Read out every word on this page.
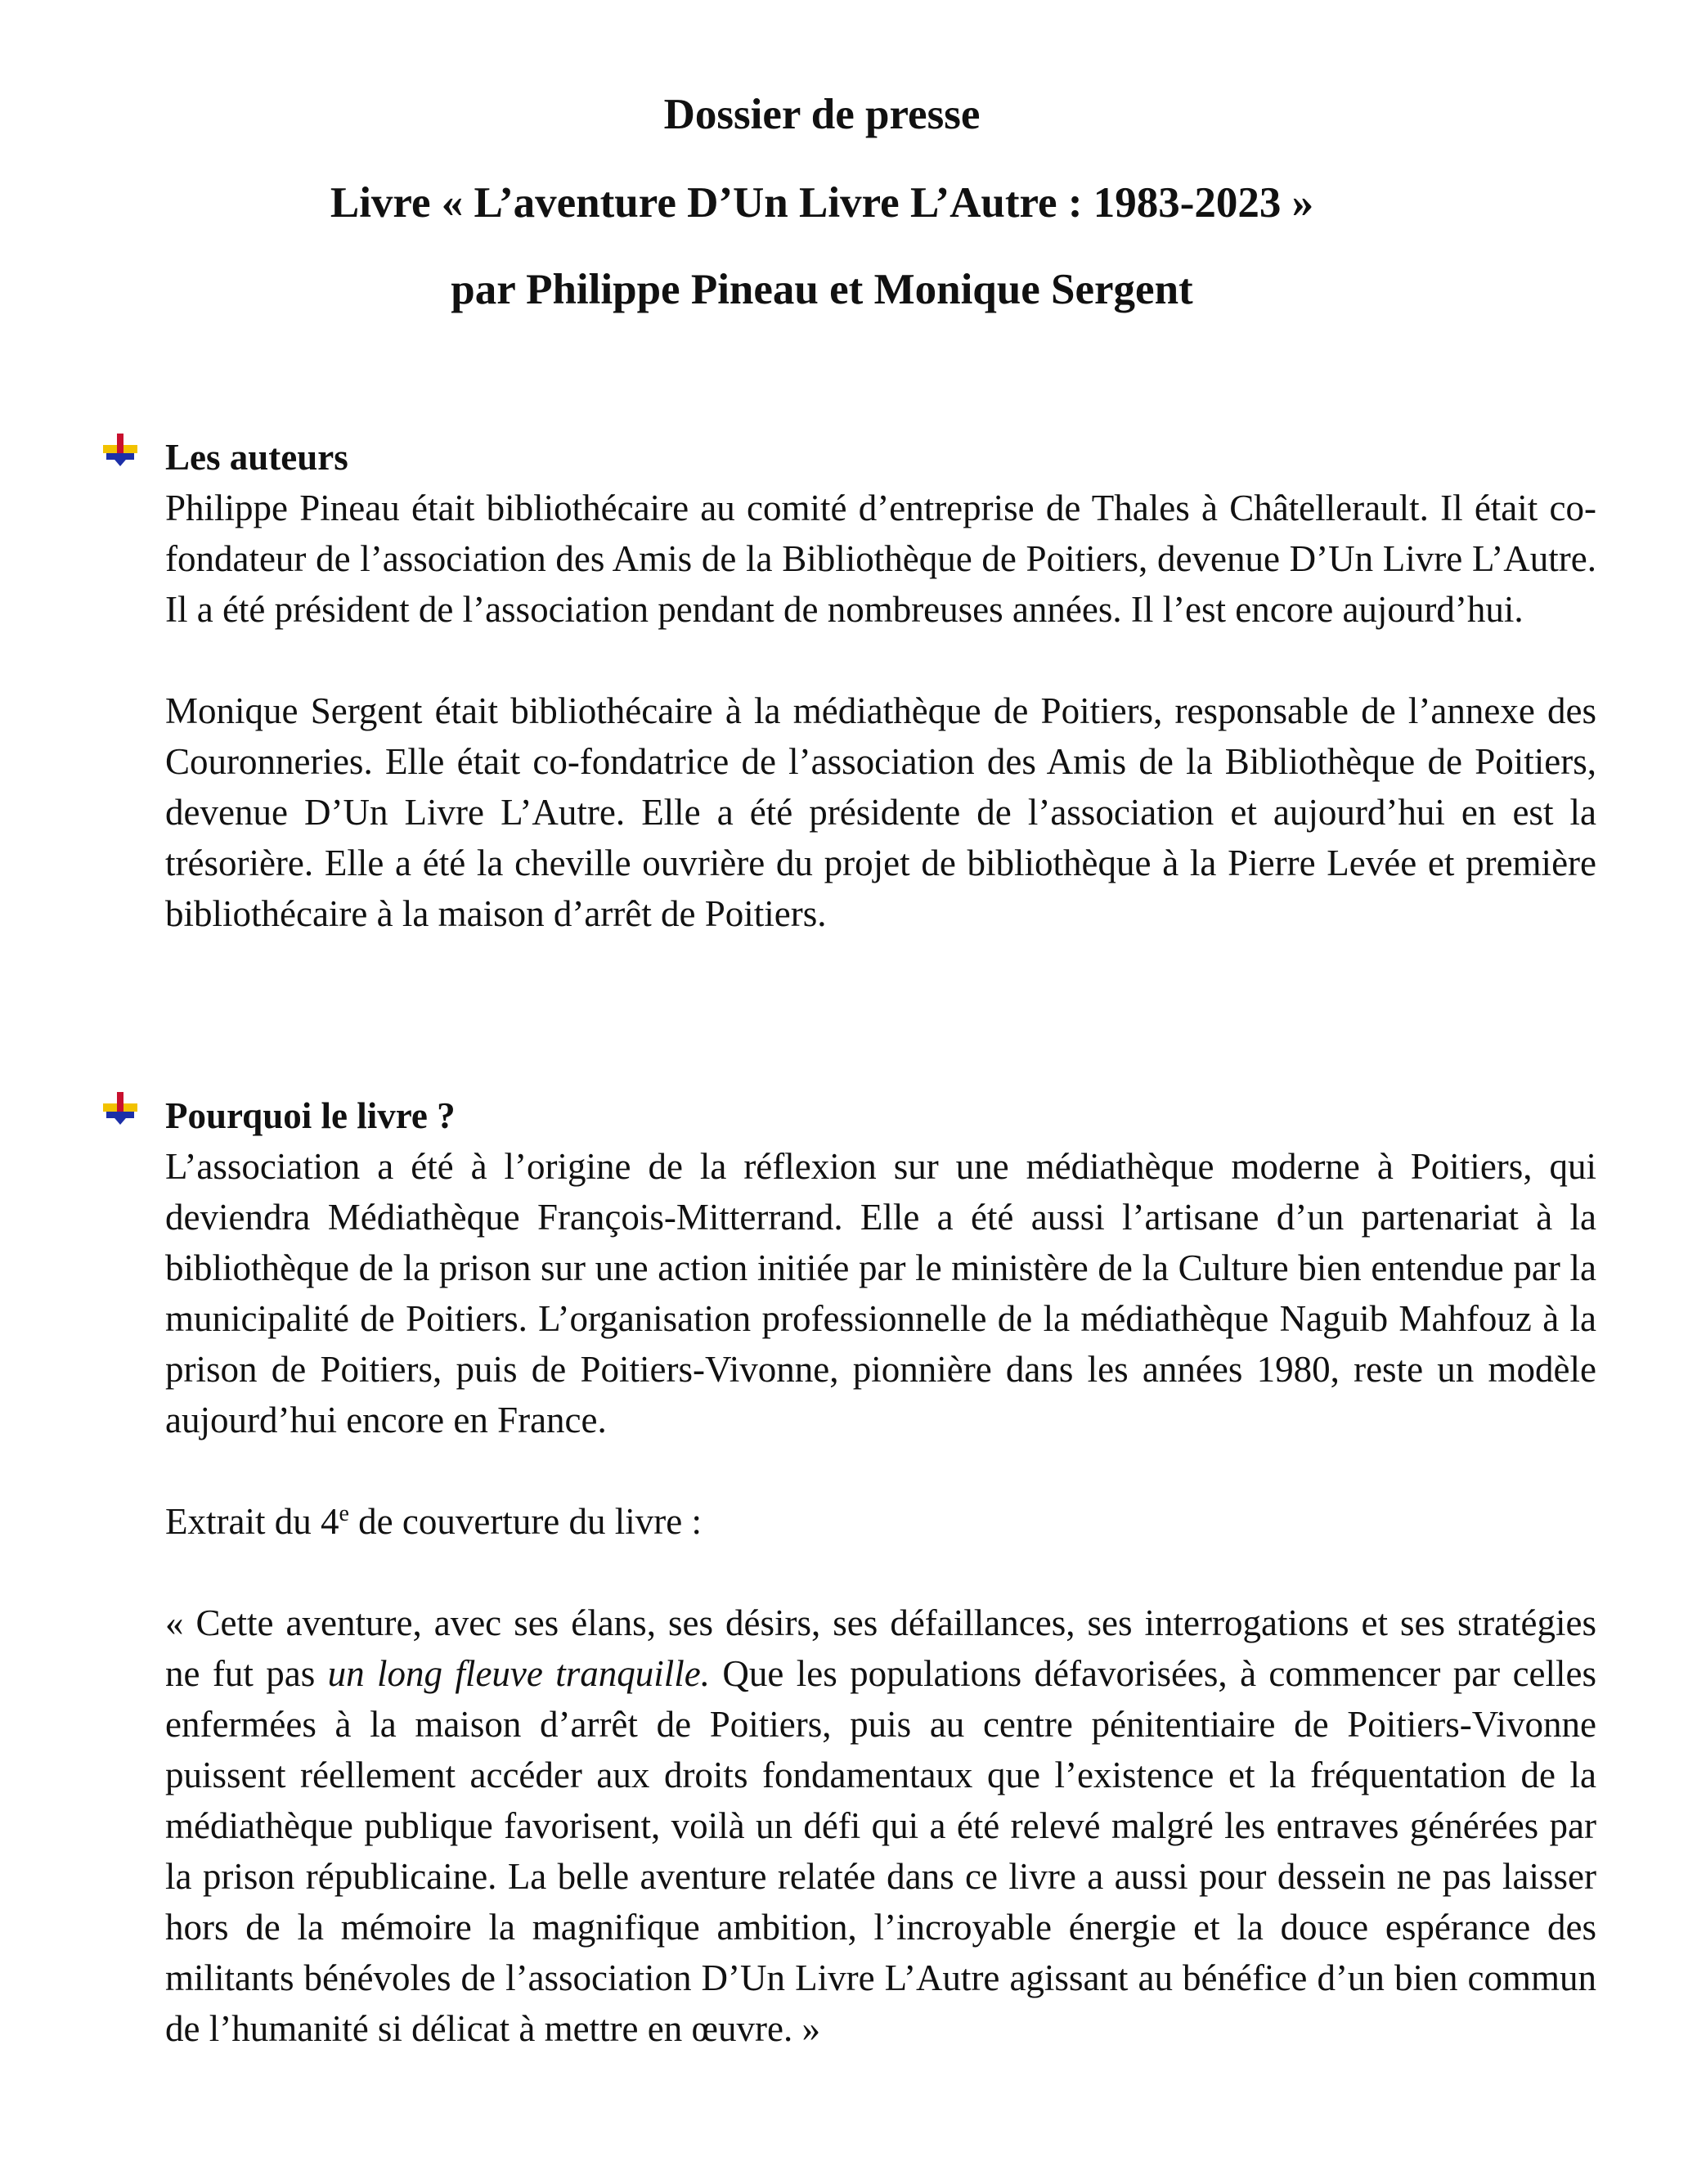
Dossier de presse
Livre « L’aventure D’Un Livre L’Autre : 1983-2023 »
par Philippe Pineau et Monique Sergent

Les auteurs

Philippe Pineau était bibliothécaire au comité d’entreprise de Thales à Châtellerault. Il était co-fondateur de l’association des Amis de la Bibliothèque de Poitiers, devenue D’Un Livre L’Autre. Il a été président de l’association pendant de nombreuses années. Il l’est encore aujourd’hui.

Monique Sergent était bibliothécaire à la médiathèque de Poitiers, responsable de l’annexe des Couronneries. Elle était co-fondatrice de l’association des Amis de la Bibliothèque de Poitiers, devenue D’Un Livre L’Autre. Elle a été présidente de l’association et aujourd’hui en est la trésorière. Elle a été la cheville ouvrière du projet de bibliothèque à la Pierre Levée et première bibliothécaire à la maison d’arrêt de Poitiers.

Pourquoi le livre ?

L’association a été à l’origine de la réflexion sur une médiathèque moderne à Poitiers, qui deviendra Médiathèque François-Mitterrand. Elle a été aussi l’artisane d’un partenariat à la bibliothèque de la prison sur une action initiée par le ministère de la Culture bien entendue par la municipalité de Poitiers. L’organisation professionnelle de la médiathèque Naguib Mahfouz à la prison de Poitiers, puis de Poitiers-Vivonne, pionnière dans les années 1980, reste un modèle aujourd’hui encore en France.

Extrait du 4e de couverture du livre :

« Cette aventure, avec ses élans, ses désirs, ses défaillances, ses interrogations et ses stratégies ne fut pas un long fleuve tranquille. Que les populations défavorisées, à commencer par celles enfermées à la maison d’arrêt de Poitiers, puis au centre pénitentiaire de Poitiers-Vivonne puissent réellement accéder aux droits fondamentaux que l’existence et la fréquentation de la médiathèque publique favorisent, voilà un défi qui a été relevé malgré les entraves générées par la prison républicaine. La belle aventure relatée dans ce livre a aussi pour dessein ne pas laisser hors de la mémoire la magnifique ambition, l’incroyable énergie et la douce espérance des militants bénévoles de l’association D’Un Livre L’Autre agissant au bénéfice d’un bien commun de l’humanité si délicat à mettre en œuvre. »
